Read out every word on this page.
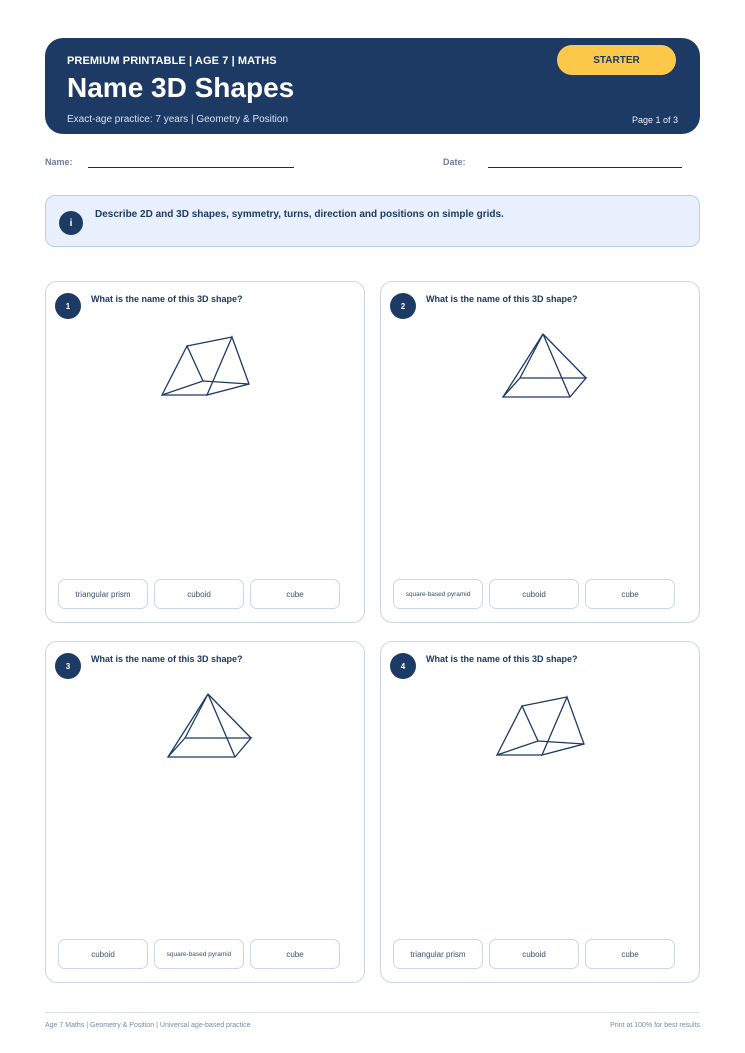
PREMIUM PRINTABLE | AGE 7 | MATHS
Name 3D Shapes
Exact-age practice: 7 years | Geometry & Position
STARTER
Page 1 of 3
Name:	Date:
i
Describe 2D and 3D shapes, symmetry, turns, direction and positions on simple grids.
1
What is the name of this 3D shape?
triangular prism	cuboid	cube
2
What is the name of this 3D shape?
square-based pyramid	cuboid	cube
3
What is the name of this 3D shape?
cuboid	square-based pyramid	cube
4
What is the name of this 3D shape?
triangular prism	cuboid	cube
Age 7 Maths | Geometry & Position | Universal age-based practice	Print at 100% for best results
